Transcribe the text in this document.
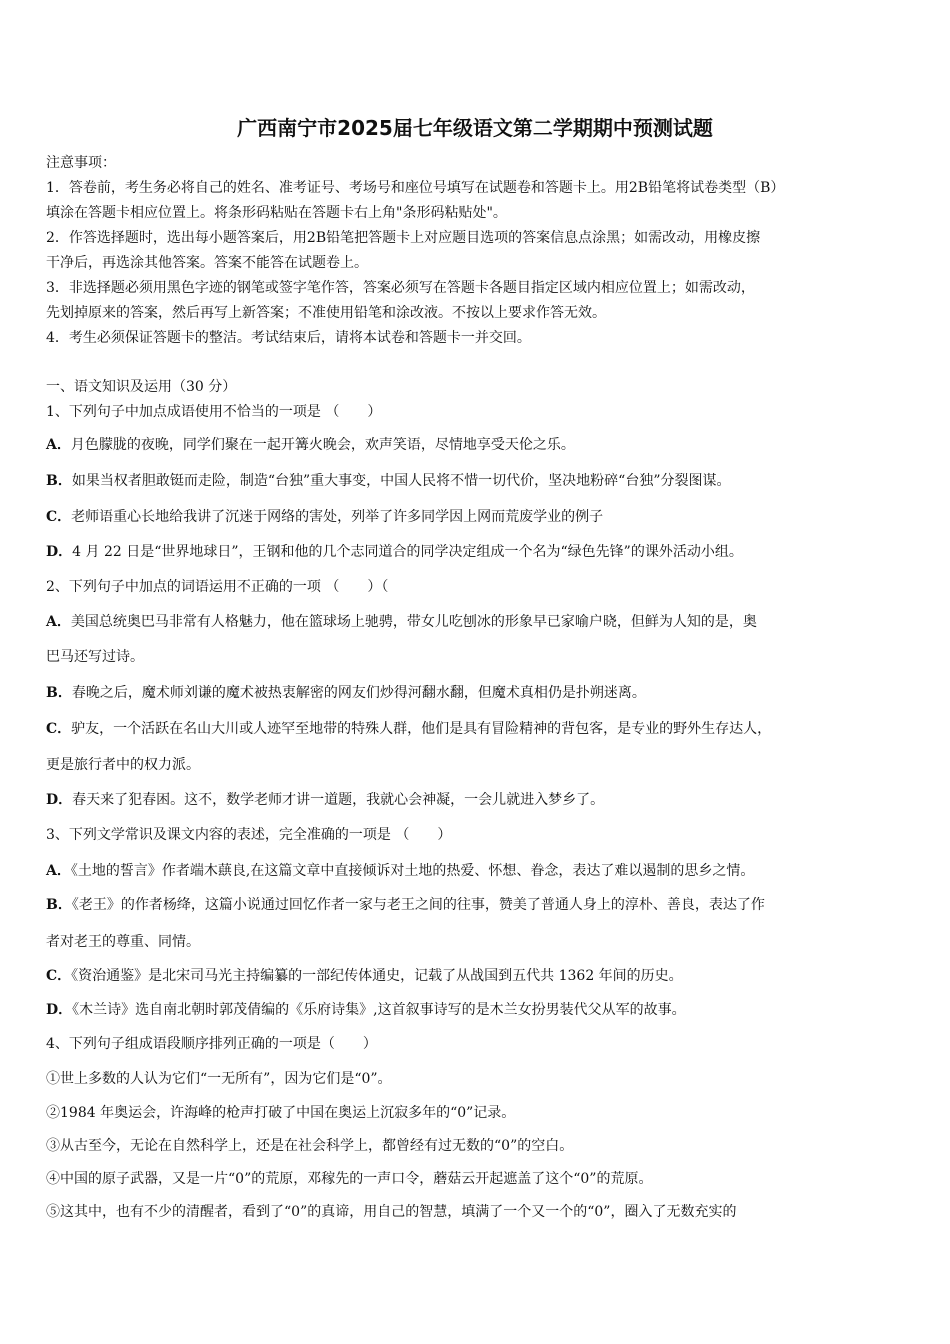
广西南宁市2025届七年级语文第二学期期中预测试题
注意事项：
1．答卷前，考生务必将自己的姓名、准考证号、考场号和座位号填写在试题卷和答题卡上。用2B铅笔将试卷类型（B）
填涂在答题卡相应位置上。将条形码粘贴在答题卡右上角"条形码粘贴处"。
2．作答选择题时，选出每小题答案后，用2B铅笔把答题卡上对应题目选项的答案信息点涂黑；如需改动，用橡皮擦
干净后，再选涂其他答案。答案不能答在试题卷上。
3．非选择题必须用黑色字迹的钢笔或签字笔作答，答案必须写在答题卡各题目指定区域内相应位置上；如需改动，
先划掉原来的答案，然后再写上新答案；不准使用铅笔和涂改液。不按以上要求作答无效。
4．考生必须保证答题卡的整洁。考试结束后，请将本试卷和答题卡一并交回。
一、语文知识及运用（30 分）
1、下列句子中加点成语使用不恰当的一项是 （　　）
A．月色朦胧的夜晚，同学们聚在一起开篝火晚会，欢声笑语，尽情地享受天伦之乐。
B．如果当权者胆敢铤而走险，制造“台独”重大事变，中国人民将不惜一切代价，坚决地粉碎“台独”分裂图谋。
C．老师语重心长地给我讲了沉迷于网络的害处，列举了许多同学因上网而荒废学业的例子
D．4 月 22 日是“世界地球日”，王钢和他的几个志同道合的同学决定组成一个名为“绿色先锋”的课外活动小组。
2、下列句子中加点的词语运用不正确的一项 （　　）（
A．美国总统奥巴马非常有人格魅力，他在篮球场上驰骋，带女儿吃刨冰的形象早已家喻户晓，但鲜为人知的是，奥
巴马还写过诗。
B．春晚之后，魔术师刘谦的魔术被热衷解密的网友们炒得河翻水翻，但魔术真相仍是扑朔迷离。
C．驴友，一个活跃在名山大川或人迹罕至地带的特殊人群，他们是具有冒险精神的背包客，是专业的野外生存达人，
更是旅行者中的权力派。
D．春天来了犯春困。这不，数学老师才讲一道题，我就心会神凝，一会儿就进入梦乡了。
3、下列文学常识及课文内容的表述，完全准确的一项是 （　　）
A．《土地的誓言》作者端木蕻良,在这篇文章中直接倾诉对土地的热爱、怀想、眷念，表达了难以遏制的思乡之情。
B．《老王》的作者杨绛，这篇小说通过回忆作者一家与老王之间的往事，赞美了普通人身上的淳朴、善良，表达了作
者对老王的尊重、同情。
C．《资治通鉴》是北宋司马光主持编纂的一部纪传体通史，记载了从战国到五代共 1362 年间的历史。
D．《木兰诗》选自南北朝时郭茂倩编的《乐府诗集》,这首叙事诗写的是木兰女扮男装代父从军的故事。
4、下列句子组成语段顺序排列正确的一项是（　　）
①世上多数的人认为它们“一无所有”，因为它们是“0”。
②1984 年奥运会，许海峰的枪声打破了中国在奥运上沉寂多年的“0”记录。
③从古至今，无论在自然科学上，还是在社会科学上，都曾经有过无数的“0”的空白。
④中国的原子武器，又是一片“0”的荒原，邓稼先的一声口令，蘑菇云开起遮盖了这个“0”的荒原。
⑤这其中，也有不少的清醒者，看到了“0”的真谛，用自己的智慧，填满了一个又一个的“0”，圈入了无数充实的
